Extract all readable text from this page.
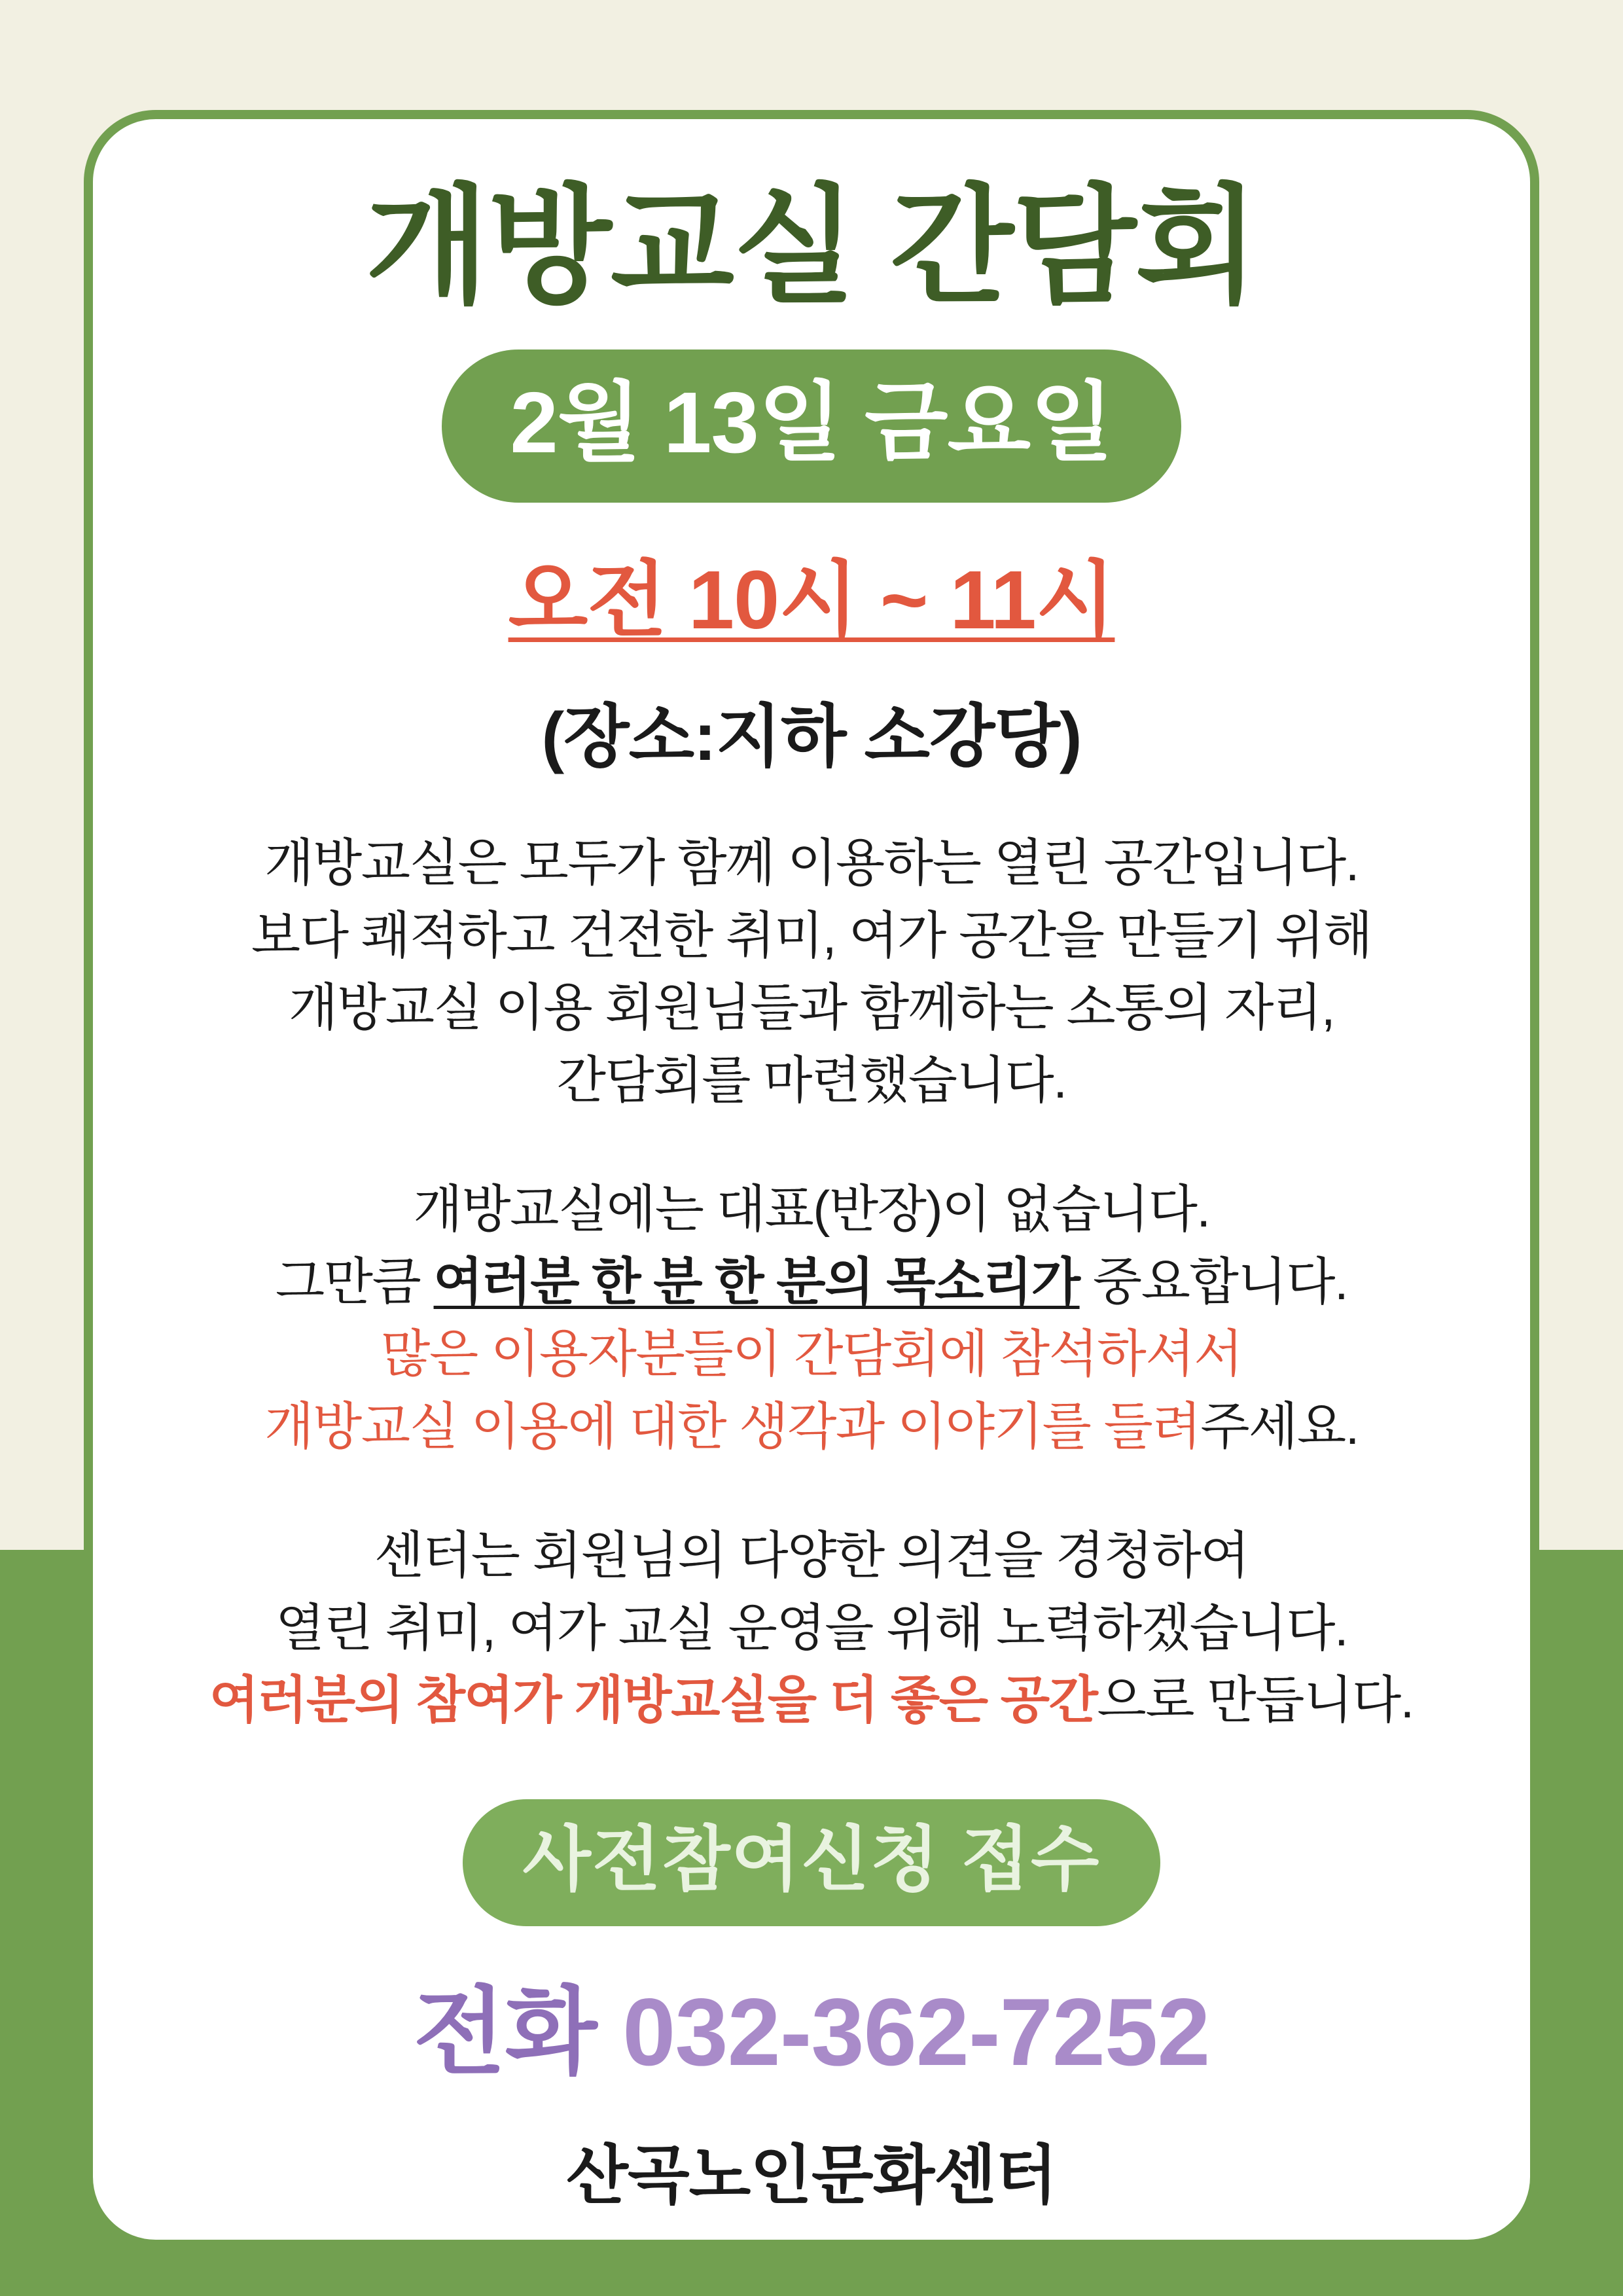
개방교실 간담회
2월 13일 금요일
오전 10시 ~ 11시
(장소:지하 소강당)

개방교실은 모두가 함께 이용하는 열린 공간입니다.

보다 쾌적하고 건전한 취미, 여가 공간을 만들기 위해

개방교실 이용 회원님들과 함께하는 소통의 자리,

간담회를 마련했습니다.

개방교실에는 대표(반장)이 없습니다.

그만큼 여러분 한 분 한 분의 목소리가 중요합니다.

많은 이용자분들이 간담회에 참석하셔서

개방교실 이용에 대한 생각과 이야기를 들려주세요.

센터는 회원님의 다양한 의견을 경청하여

열린 취미, 여가 교실 운영을 위해 노력하겠습니다.

여러분의 참여가 개방교실을 더 좋은 공간으로 만듭니다.

사전참여신청 접수
전화 032-362-7252
산곡노인문화센터
